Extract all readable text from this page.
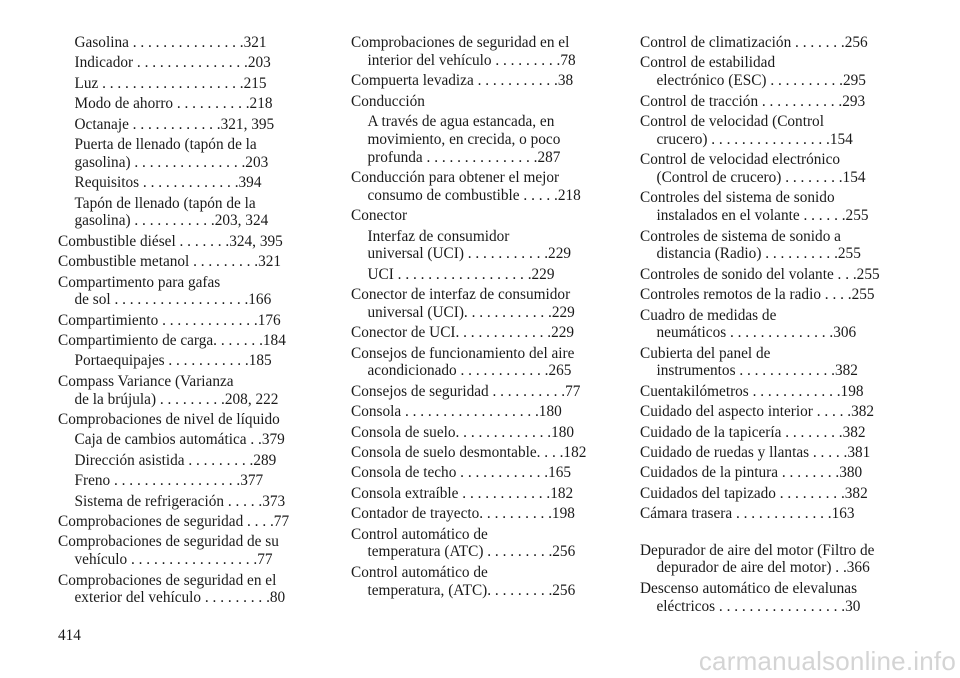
Gasolina . . . . . . . . . . . . . . .321
Indicador . . . . . . . . . . . . . . .203
Luz . . . . . . . . . . . . . . . . . . .215
Modo de ahorro . . . . . . . . . .218
Octanaje . . . . . . . . . . . .321, 395
Puerta de llenado (tapón de la
gasolina) . . . . . . . . . . . . . . .203
Requisitos . . . . . . . . . . . . .394
Tapón de llenado (tapón de la
gasolina) . . . . . . . . . . .203, 324
Combustible diésel . . . . . . .324, 395
Combustible metanol . . . . . . . . .321
Compartimento para gafas
de sol . . . . . . . . . . . . . . . . . .166
Compartimiento . . . . . . . . . . . . .176
Compartimiento de carga. . . . . . .184
Portaequipajes . . . . . . . . . . .185
Compass Variance (Varianza
de la brújula) . . . . . . . . .208, 222
Comprobaciones de nivel de líquido
Caja de cambios automática . .379
Dirección asistida . . . . . . . . .289
Freno . . . . . . . . . . . . . . . . .377
Sistema de refrigeración . . . . .373
Comprobaciones de seguridad . . . .77
Comprobaciones de seguridad de su
vehículo . . . . . . . . . . . . . . . . .77
Comprobaciones de seguridad en el
exterior del vehículo . . . . . . . . .80
Comprobaciones de seguridad en el
interior del vehículo . . . . . . . . .78
Compuerta levadiza . . . . . . . . . . .38
Conducción
A través de agua estancada, en
movimiento, en crecida, o poco
profunda . . . . . . . . . . . . . . .287
Conducción para obtener el mejor
consumo de combustible . . . . .218
Conector
Interfaz de consumidor
universal (UCI) . . . . . . . . . . .229
UCI . . . . . . . . . . . . . . . . . .229
Conector de interfaz de consumidor
universal (UCI). . . . . . . . . . . .229
Conector de UCI. . . . . . . . . . . . .229
Consejos de funcionamiento del aire
acondicionado . . . . . . . . . . . .265
Consejos de seguridad . . . . . . . . . .77
Consola . . . . . . . . . . . . . . . . . .180
Consola de suelo. . . . . . . . . . . . .180
Consola de suelo desmontable. . . .182
Consola de techo . . . . . . . . . . . .165
Consola extraíble . . . . . . . . . . . .182
Contador de trayecto. . . . . . . . . .198
Control automático de
temperatura (ATC) . . . . . . . . .256
Control automático de
temperatura, (ATC). . . . . . . . .256
Control de climatización . . . . . . .256
Control de estabilidad
electrónico (ESC) . . . . . . . . . .295
Control de tracción . . . . . . . . . . .293
Control de velocidad (Control
crucero) . . . . . . . . . . . . . . . .154
Control de velocidad electrónico
(Control de crucero) . . . . . . . .154
Controles del sistema de sonido
instalados en el volante . . . . . .255
Controles de sistema de sonido a
distancia (Radio) . . . . . . . . . .255
Controles de sonido del volante . . .255
Controles remotos de la radio . . . .255
Cuadro de medidas de
neumáticos . . . . . . . . . . . . . .306
Cubierta del panel de
instrumentos . . . . . . . . . . . . .382
Cuentakilómetros . . . . . . . . . . . .198
Cuidado del aspecto interior . . . . .382
Cuidado de la tapicería . . . . . . . .382
Cuidado de ruedas y llantas . . . . .381
Cuidados de la pintura . . . . . . . .380
Cuidados del tapizado . . . . . . . . .382
Cámara trasera . . . . . . . . . . . . .163
Depurador de aire del motor (Filtro de
depurador de aire del motor) . .366
Descenso automático de elevalunas
eléctricos . . . . . . . . . . . . . . . . .30
414
carmanualsonline.info
